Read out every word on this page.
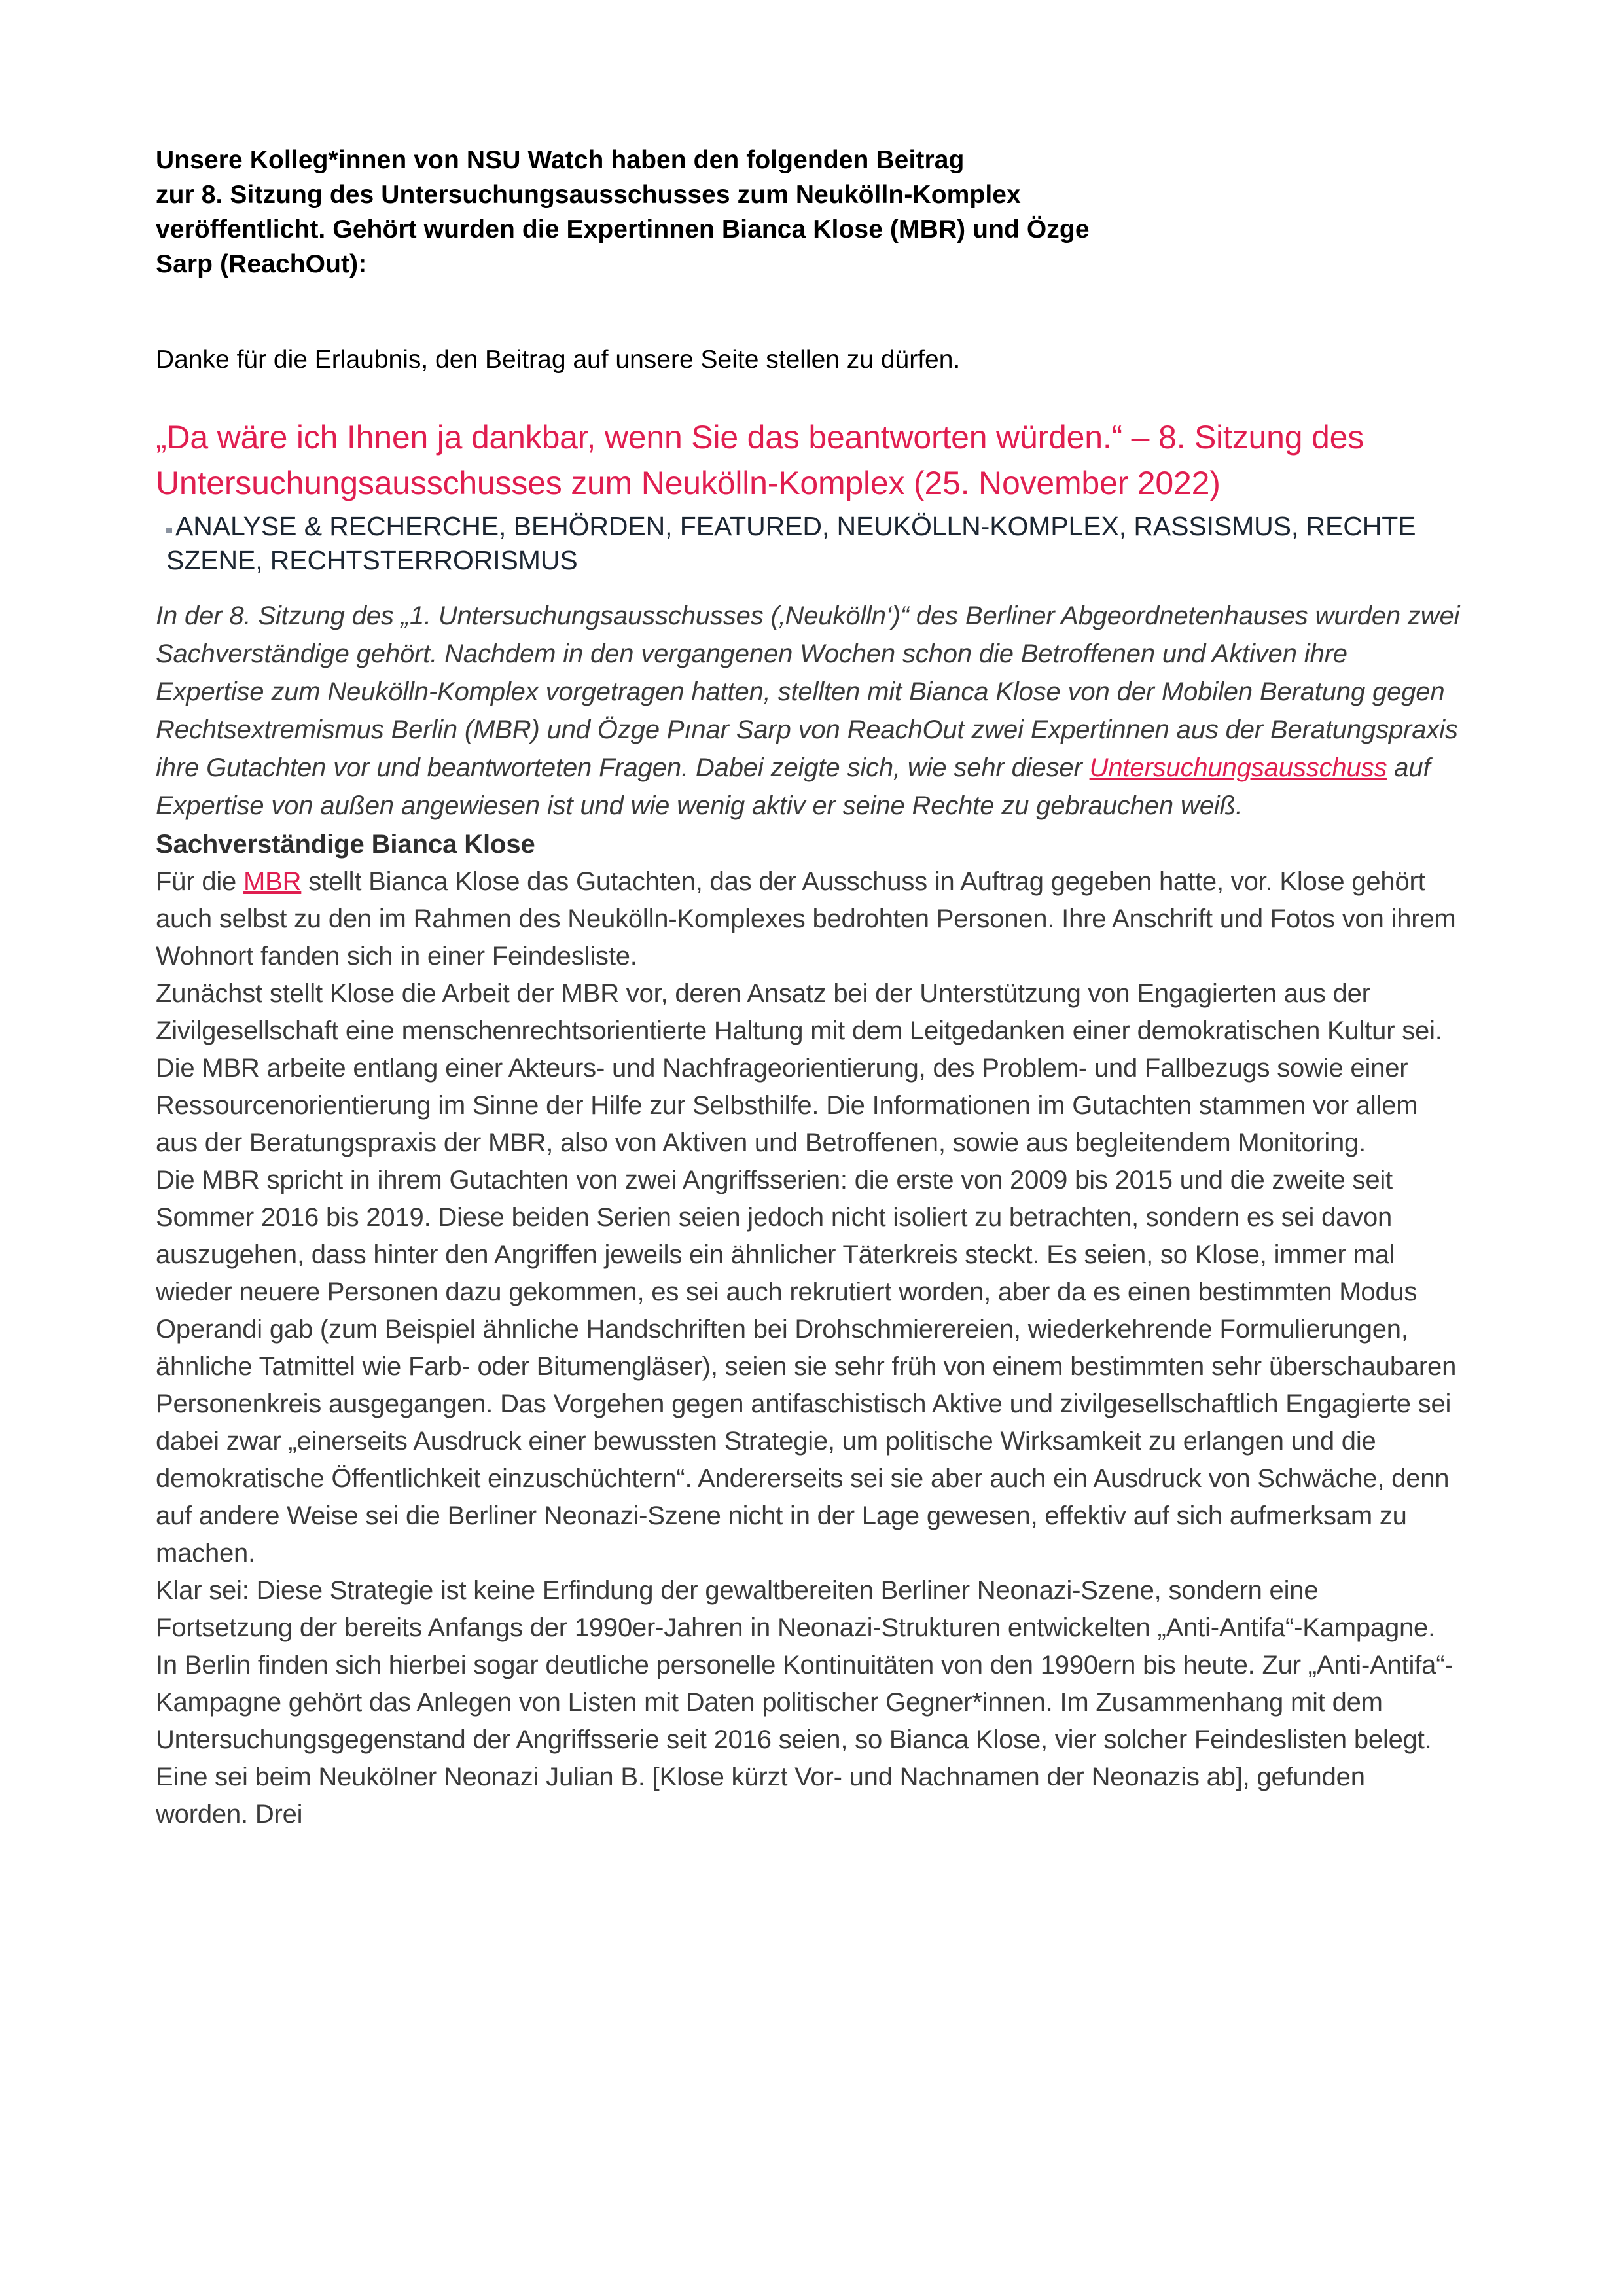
Unsere Kolleg*innen von NSU Watch haben den folgenden Beitrag
zur 8. Sitzung des Untersuchungsausschusses zum Neukölln-Komplex
veröffentlicht. Gehört wurden die Expertinnen Bianca Klose (MBR) und Özge
Sarp (ReachOut):

Danke für die Erlaubnis, den Beitrag auf unsere Seite stellen zu dürfen.

„Da wäre ich Ihnen ja dankbar, wenn Sie das beantworten würden.“ – 8. Sitzung des Untersuchungsausschusses zum Neukölln-Komplex (25. November 2022)

ANALYSE & RECHERCHE, BEHÖRDEN, FEATURED, NEUKÖLLN-KOMPLEX, RASSISMUS, RECHTE SZENE, RECHTSTERRORISMUS

In der 8. Sitzung des „1. Untersuchungsausschusses (‚Neukölln‘)“ des Berliner Abgeordnetenhauses wurden zwei Sachverständige gehört. Nachdem in den vergangenen Wochen schon die Betroffenen und Aktiven ihre Expertise zum Neukölln-Komplex vorgetragen hatten, stellten mit Bianca Klose von der Mobilen Beratung gegen Rechtsextremismus Berlin (MBR) und Özge Pınar Sarp von ReachOut zwei Expertinnen aus der Beratungspraxis ihre Gutachten vor und beantworteten Fragen. Dabei zeigte sich, wie sehr dieser Untersuchungsausschuss auf Expertise von außen angewiesen ist und wie wenig aktiv er seine Rechte zu gebrauchen weiß.

Sachverständige Bianca Klose

Für die MBR stellt Bianca Klose das Gutachten, das der Ausschuss in Auftrag gegeben hatte, vor. Klose gehört auch selbst zu den im Rahmen des Neukölln-Komplexes bedrohten Personen. Ihre Anschrift und Fotos von ihrem Wohnort fanden sich in einer Feindesliste.

Zunächst stellt Klose die Arbeit der MBR vor, deren Ansatz bei der Unterstützung von Engagierten aus der Zivilgesellschaft eine menschenrechtsorientierte Haltung mit dem Leitgedanken einer demokratischen Kultur sei. Die MBR arbeite entlang einer Akteurs- und Nachfrageorientierung, des Problem- und Fallbezugs sowie einer Ressourcenorientierung im Sinne der Hilfe zur Selbsthilfe. Die Informationen im Gutachten stammen vor allem aus der Beratungspraxis der MBR, also von Aktiven und Betroffenen, sowie aus begleitendem Monitoring.

Die MBR spricht in ihrem Gutachten von zwei Angriffsserien: die erste von 2009 bis 2015 und die zweite seit Sommer 2016 bis 2019. Diese beiden Serien seien jedoch nicht isoliert zu betrachten, sondern es sei davon auszugehen, dass hinter den Angriffen jeweils ein ähnlicher Täterkreis steckt. Es seien, so Klose, immer mal wieder neuere Personen dazu gekommen, es sei auch rekrutiert worden, aber da es einen bestimmten Modus Operandi gab (zum Beispiel ähnliche Handschriften bei Drohschmierereien, wiederkehrende Formulierungen, ähnliche Tatmittel wie Farb- oder Bitumengläser), seien sie sehr früh von einem bestimmten sehr überschaubaren Personenkreis ausgegangen. Das Vorgehen gegen antifaschistisch Aktive und zivilgesellschaftlich Engagierte sei dabei zwar „einerseits Ausdruck einer bewussten Strategie, um politische Wirksamkeit zu erlangen und die demokratische Öffentlichkeit einzuschüchtern“. Andererseits sei sie aber auch ein Ausdruck von Schwäche, denn auf andere Weise sei die Berliner Neonazi-Szene nicht in der Lage gewesen, effektiv auf sich aufmerksam zu machen.

Klar sei: Diese Strategie ist keine Erfindung der gewaltbereiten Berliner Neonazi-Szene, sondern eine Fortsetzung der bereits Anfangs der 1990er-Jahren in Neonazi-Strukturen entwickelten „Anti-Antifa“-Kampagne. In Berlin finden sich hierbei sogar deutliche personelle Kontinuitäten von den 1990ern bis heute. Zur „Anti-Antifa“-Kampagne gehört das Anlegen von Listen mit Daten politischer Gegner*innen. Im Zusammenhang mit dem Untersuchungsgegenstand der Angriffsserie seit 2016 seien, so Bianca Klose, vier solcher Feindeslisten belegt. Eine sei beim Neukölner Neonazi Julian B. [Klose kürzt Vor- und Nachnamen der Neonazis ab], gefunden worden. Drei
